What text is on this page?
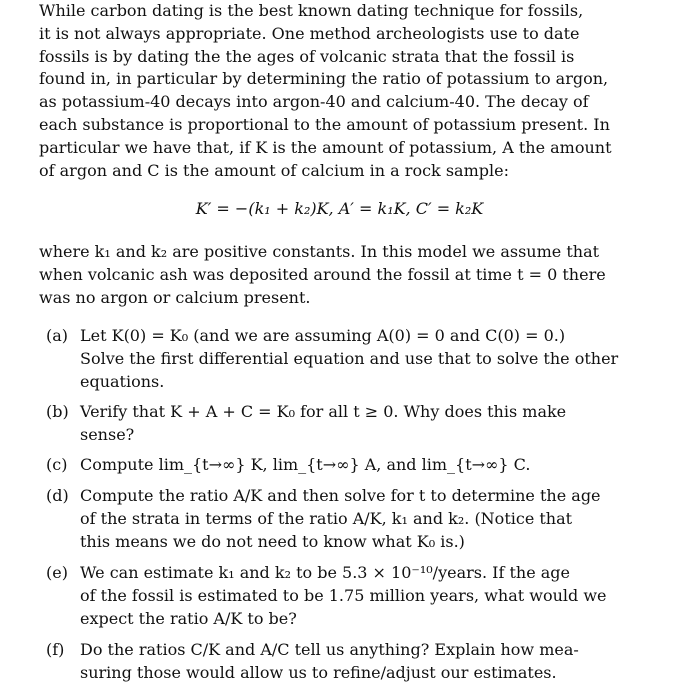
While carbon dating is the best known dating technique for fossils,
it is not always appropriate. One method archeologists use to date
fossils is by dating the the ages of volcanic strata that the fossil is
found in, in particular by determining the ratio of potassium to argon,
as potassium-40 decays into argon-40 and calcium-40. The decay of
each substance is proportional to the amount of potassium present. In
particular we have that, if K is the amount of potassium, A the amount
of argon and C is the amount of calcium in a rock sample:
K′ = −(k₁ + k₂)K, A′ = k₁K, C′ = k₂K
where k₁ and k₂ are positive constants. In this model we assume that
when volcanic ash was deposited around the fossil at time t = 0 there
was no argon or calcium present.
(a) Let K(0) = K₀ (and we are assuming A(0) = 0 and C(0) = 0.)
Solve the first differential equation and use that to solve the other
equations.
(b) Verify that K + A + C = K₀ for all t ≥ 0. Why does this make
sense?
(c) Compute lim_{t→∞} K, lim_{t→∞} A, and lim_{t→∞} C.
(d) Compute the ratio A/K and then solve for t to determine the age
of the strata in terms of the ratio A/K, k₁ and k₂. (Notice that
this means we do not need to know what K₀ is.)
(e) We can estimate k₁ and k₂ to be 5.3 × 10⁻¹⁰/years. If the age
of the fossil is estimated to be 1.75 million years, what would we
expect the ratio A/K to be?
(f) Do the ratios C/K and A/C tell us anything? Explain how mea-
suring those would allow us to refine/adjust our estimates.
